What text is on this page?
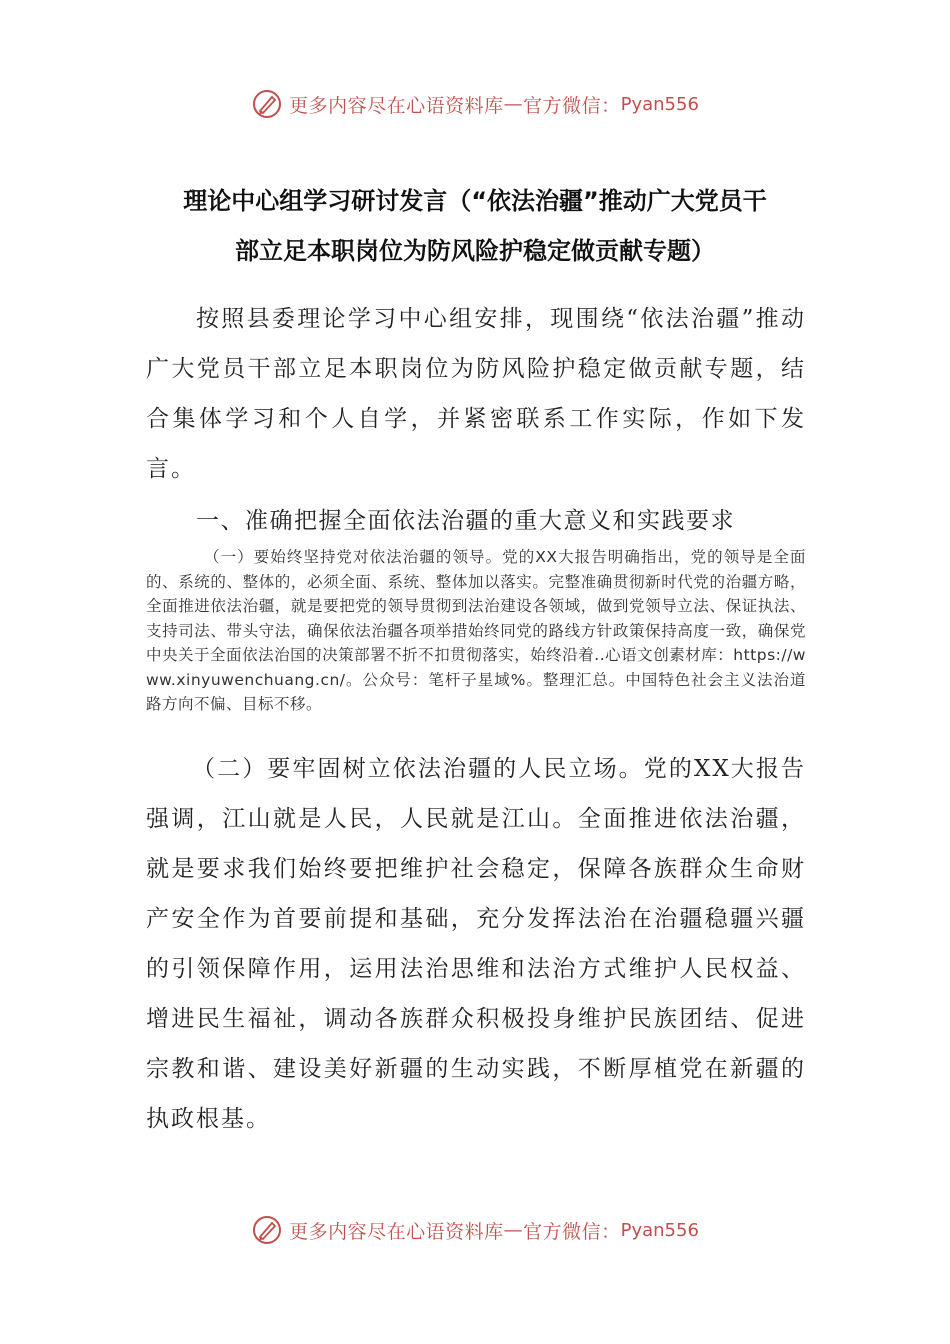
更多内容尽在心语资料库 — 官方微信： Pyan556
理论中心组学习研讨发言（“依法治疆”推动广大党员干
部立足本职岗位为防风险护稳定做贡献专题）
按照县委理论学习中心组安排，现围绕“依法治疆”推动广大党员干部立足本职岗位为防风险护稳定做贡献专题，结合集体学习和个人自学，并紧密联系工作实际，作如下发言。
一、准确把握全面依法治疆的重大意义和实践要求
（一）要始终坚持党对依法治疆的领导。党的XX大报告明确指出，党的领导是全面的、系统的、整体的，必须全面、系统、整体加以落实。完整准确贯彻新时代党的治疆方略，全面推进依法治疆，就是要把党的领导贯彻到法治建设各领域，做到党领导立法、保证执法、支持司法、带头守法，确保依法治疆各项举措始终同党的路线方针政策保持高度一致，确保党中央关于全面依法治国的决策部署不折不扣贯彻落实，始终沿着..心语文创素材库：https://www.xinyuwenchuang.cn/。公众号：笔杆子星域%。整理汇总。中国特色社会主义法治道路方向不偏、目标不移。
（二）要牢固树立依法治疆的人民立场。党的XX大报告强调，江山就是人民，人民就是江山。全面推进依法治疆，就是要求我们始终要把维护社会稳定，保障各族群众生命财产安全作为首要前提和基础，充分发挥法治在治疆稳疆兴疆的引领保障作用，运用法治思维和法治方式维护人民权益、增进民生福祉，调动各族群众积极投身维护民族团结、促进宗教和谐、建设美好新疆的生动实践，不断厚植党在新疆的执政根基。
更多内容尽在心语资料库 — 官方微信： Pyan556
